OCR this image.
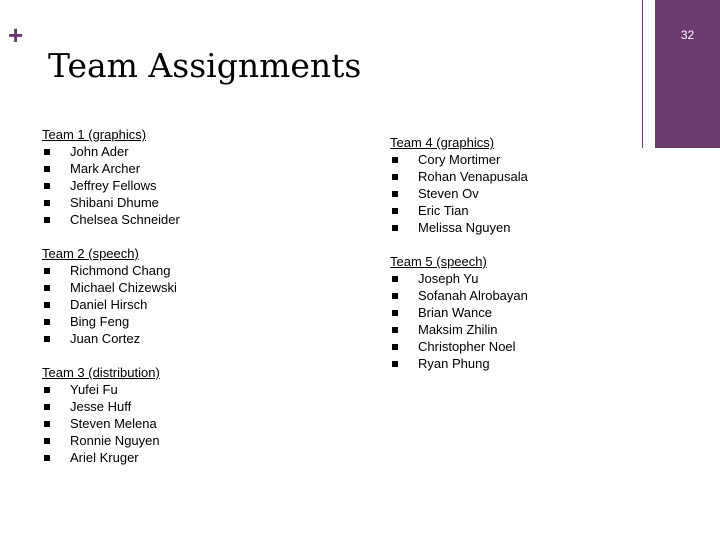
+	32
Team Assignments
Team 1 (graphics)
John Ader
Mark Archer
Jeffrey Fellows
Shibani Dhume
Chelsea Schneider
Team 2 (speech)
Richmond Chang
Michael Chizewski
Daniel Hirsch
Bing Feng
Juan Cortez
Team 3 (distribution)
Yufei Fu
Jesse Huff
Steven Melena
Ronnie Nguyen
Ariel Kruger
Team 4 (graphics)
Cory Mortimer
Rohan Venapusala
Steven Ov
Eric Tian
Melissa Nguyen
Team 5 (speech)
Joseph Yu
Sofanah Alrobayan
Brian Wance
Maksim Zhilin
Christopher Noel
Ryan Phung
